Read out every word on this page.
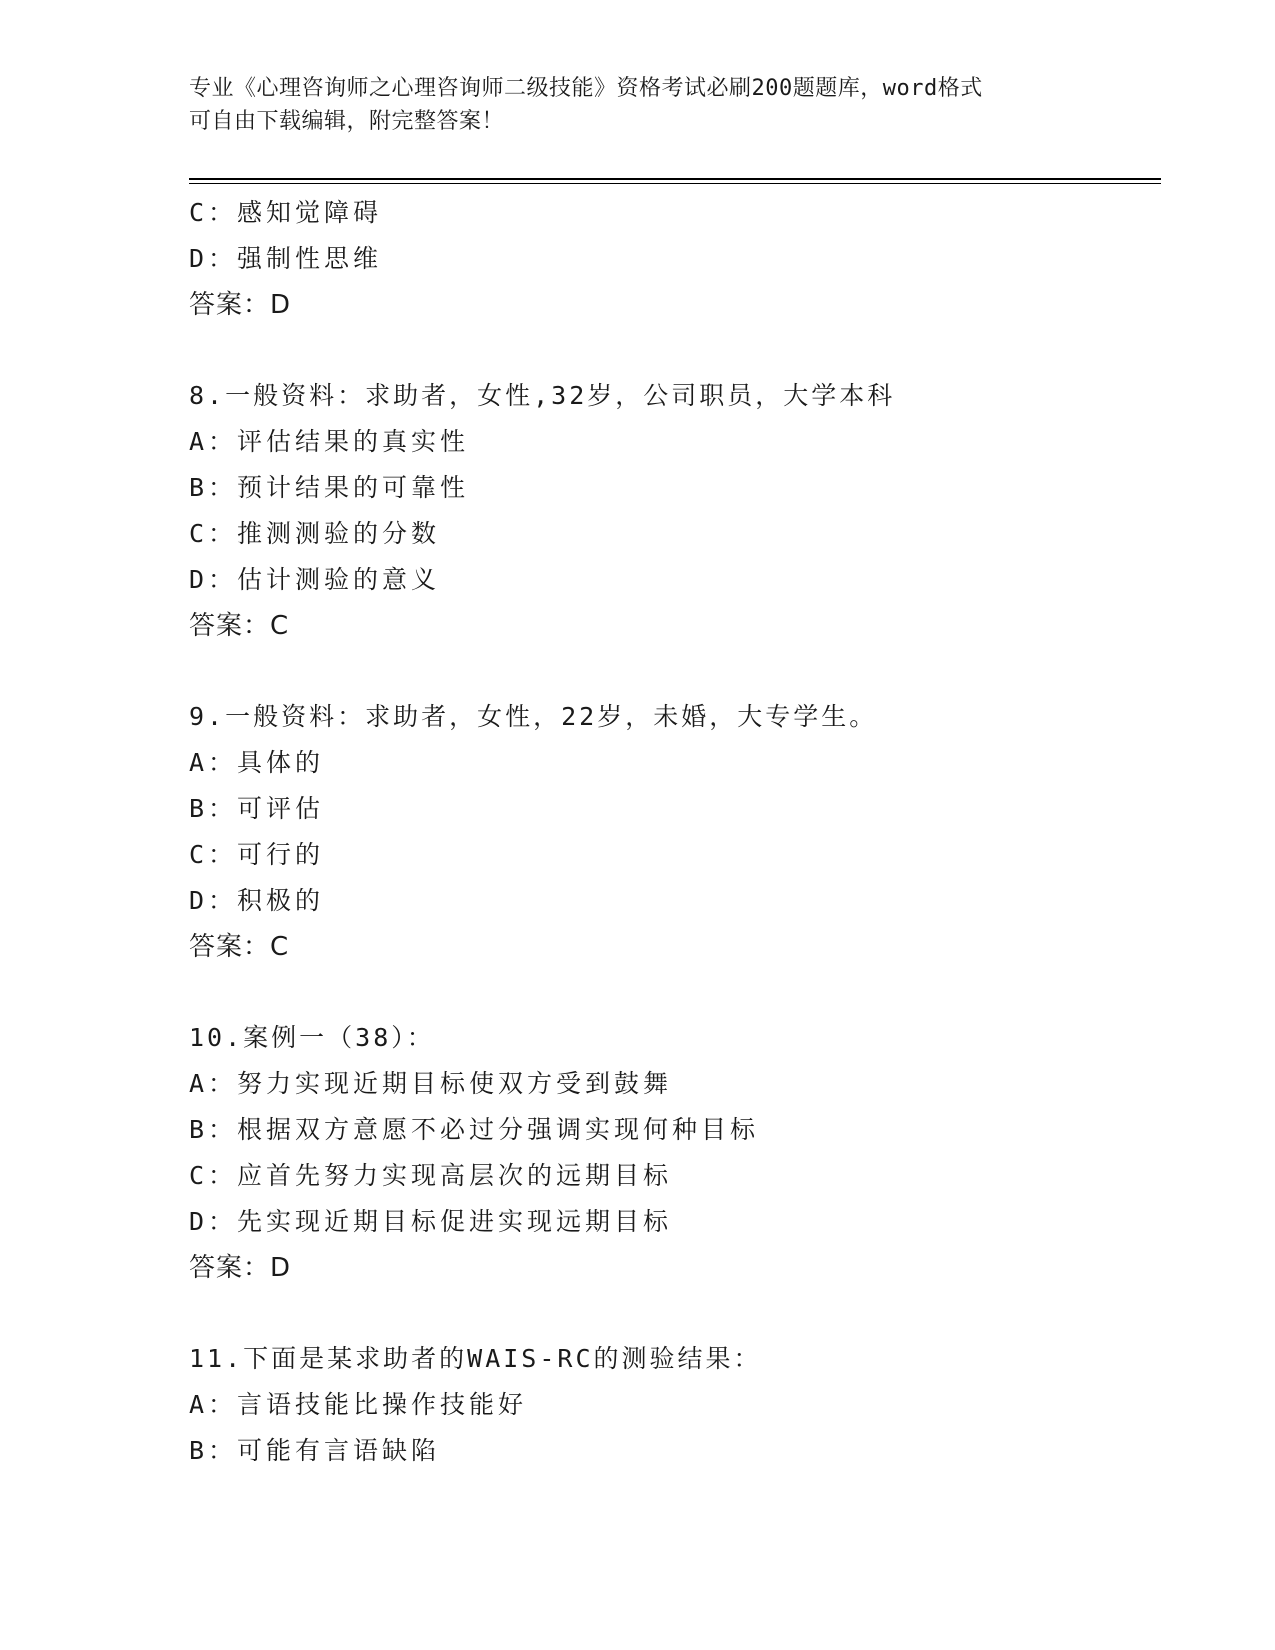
专业《心理咨询师之心理咨询师二级技能》资格考试必刷200题题库，word格式
可自由下载编辑，附完整答案！
C：感知觉障碍
D：强制性思维
答案：D
8.一般资料：求助者，女性,32岁，公司职员，大学本科
A：评估结果的真实性
B：预计结果的可靠性
C：推测测验的分数
D：估计测验的意义
答案：C
9.一般资料：求助者，女性，22岁，未婚，大专学生。
A：具体的
B：可评估
C：可行的
D：积极的
答案：C
10.案例一（38）：
A：努力实现近期目标使双方受到鼓舞
B：根据双方意愿不必过分强调实现何种目标
C：应首先努力实现高层次的远期目标
D：先实现近期目标促进实现远期目标
答案：D
11.下面是某求助者的WAIS-RC的测验结果：
A：言语技能比操作技能好
B：可能有言语缺陷
